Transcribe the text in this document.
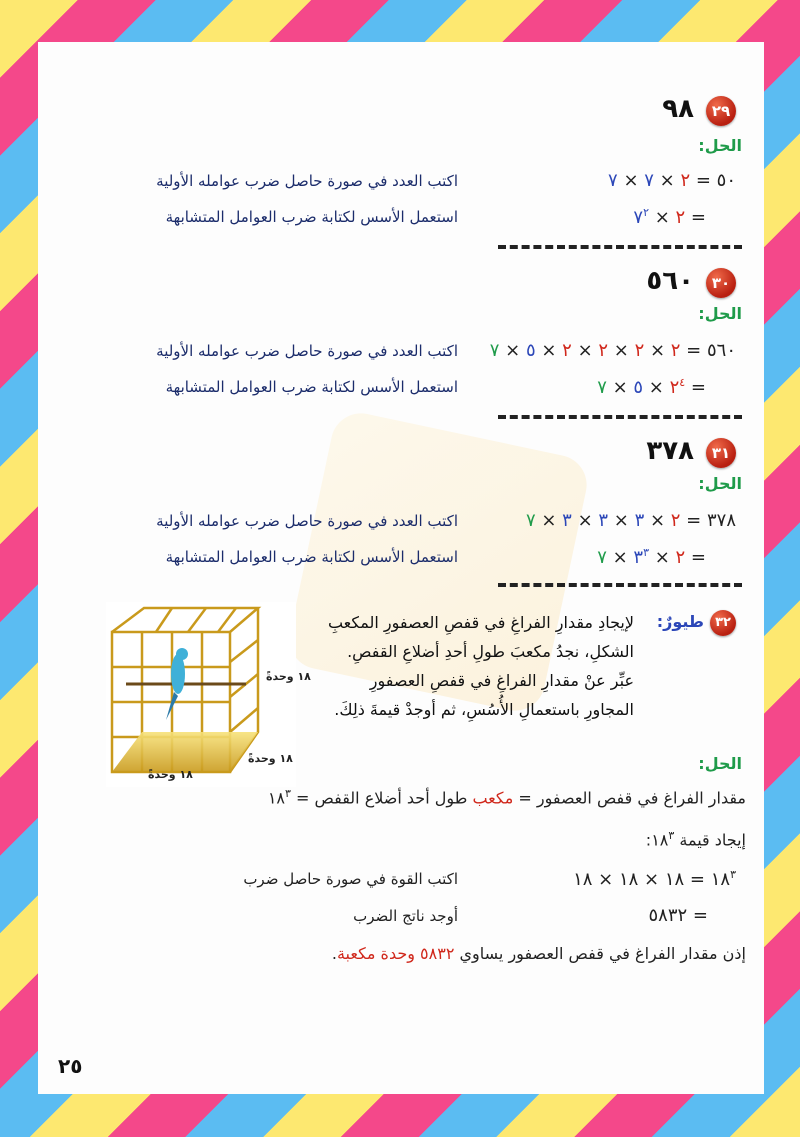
٢٩
٩٨
الحل:
٥٠ = ٢ × ٧ × ٧
اكتب العدد في صورة حاصل ضرب عوامله الأولية
= ٢ × $٧^٢$
استعمل الأسس لكتابة ضرب العوامل المتشابهة
٣٠
٥٦٠
الحل:
٥٦٠ = ٢ × ٢ × ٢ × ٢ × ٥ × ٧
اكتب العدد في صورة حاصل ضرب عوامله الأولية
= $٢^٤$ × ٥ × ٧
استعمل الأسس لكتابة ضرب العوامل المتشابهة
٣١
٣٧٨
الحل:
٣٧٨ = ٢ × ٣ × ٣ × ٣ × ٧
اكتب العدد في صورة حاصل ضرب عوامله الأولية
= ٢ × $٣^٣$ × ٧
استعمل الأسس لكتابة ضرب العوامل المتشابهة
٣٢
طيورٌ:
لإيجادِ مقدارِ الفراغِ في قفصِ العصفورِ المكعبِ الشكلِ، نجدُ مكعبَ طولِ أحدِ أضلاعِ القفصِ. عبِّر عنْ مقدارِ الفراغِ في قفصِ العصفورِ المجاورِ باستعمالِ الأُسُسِ، ثم أوجدْ قيمةَ ذلِكَ.
١٨ وحدةً
١٨ وحدةً
١٨ وحدةً
الحل:
مقدار الفراغ في قفص العصفور = مكعب طول أحد أضلاع القفص = $١٨^٣$
إيجاد قيمة $١٨^٣$:
$١٨^٣$ = ١٨ × ١٨ × ١٨
اكتب القوة في صورة حاصل ضرب
= ٥٨٣٢
أوجد ناتج الضرب
إذن مقدار الفراغ في قفص العصفور يساوي ٥٨٣٢ وحدة مكعبة.
٢٥
